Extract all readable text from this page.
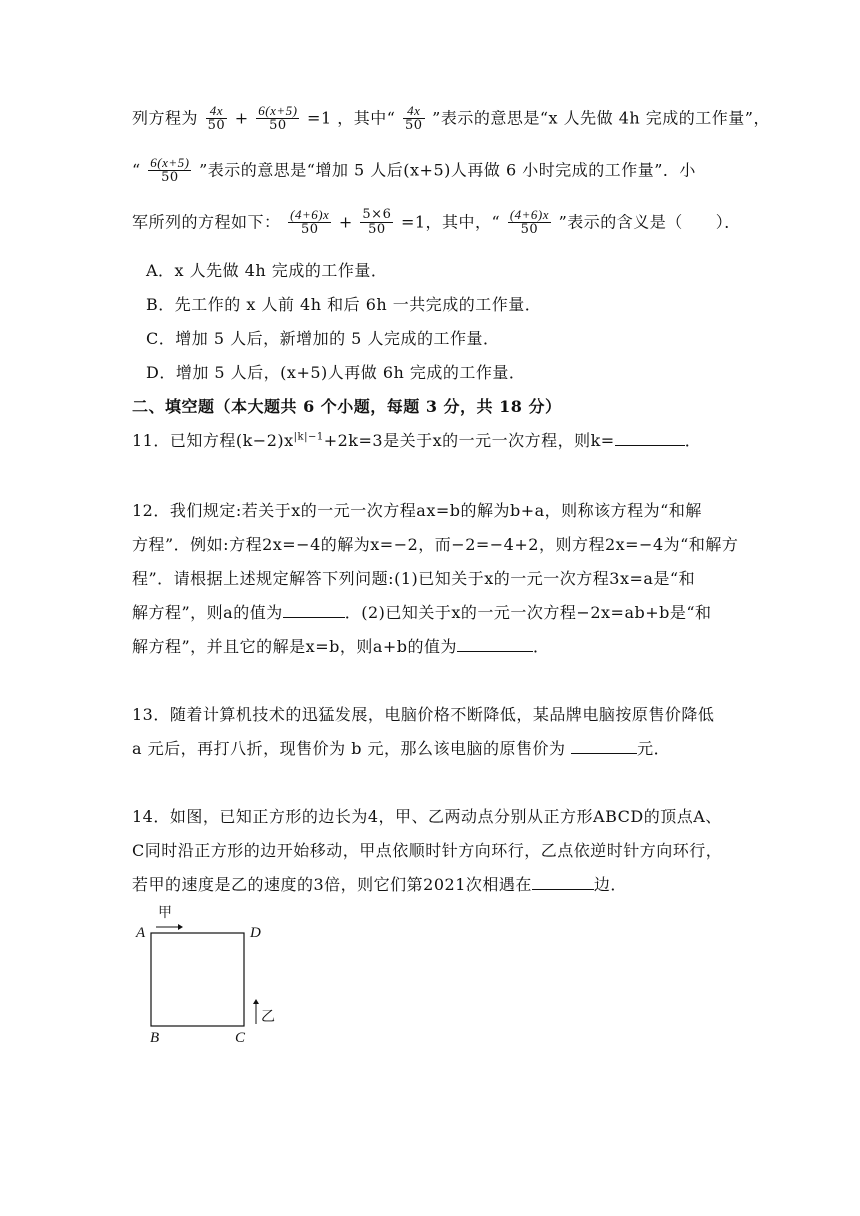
列方程为 $\frac{4x}{50} + \frac{6(x+5)}{50} =1$ ，其中“ $\frac{4x}{50}$ ”表示的意思是“x 人先做 4h 完成的工作量”，
“ $\frac{6(x+5)}{50}$ ”表示的意思是“增加 5 人后(x+5)人再做 6 小时完成的工作量”．小
军所列的方程如下： $\frac{(4+6)x}{50} + \frac{5\times 6}{50} =1$，其中，“ $\frac{(4+6)x}{50}$ ”表示的含义是（　　）．
A．x 人先做 4h 完成的工作量．
B．先工作的 x 人前 4h 和后 6h 一共完成的工作量．
C．增加 5 人后，新增加的 5 人完成的工作量．
D．增加 5 人后，(x+5)人再做 6h 完成的工作量．
二、填空题（本大题共 6 个小题，每题 3 分，共 18 分）
11．已知方程$(k-2)x^{|k|-1}+2k=3$是关于x的一元一次方程，则k=	．
12．我们规定:若关于x的一元一次方程ax=b的解为b+a，则称该方程为“和解
方程”．例如:方程2x=−4的解为x=−2，而−2=−4+2，则方程2x=−4为“和解方
程”．请根据上述规定解答下列问题:(1)已知关于x的一元一次方程3x=a是“和
解方程”，则a的值为	．(2)已知关于x的一元一次方程−2x=ab+b是“和
解方程”，并且它的解是x=b，则a+b的值为	．
13．随着计算机技术的迅猛发展，电脑价格不断降低，某品牌电脑按原售价降低
a 元后，再打八折，现售价为 b 元，那么该电脑的原售价为	元．
14．如图，已知正方形的边长为4，甲、乙两动点分别从正方形ABCD的顶点A、
C同时沿正方形的边开始移动，甲点依顺时针方向环行，乙点依逆时针方向环行，
若甲的速度是乙的速度的3倍，则它们第2021次相遇在	边．
甲
乙
A	D
B	C
